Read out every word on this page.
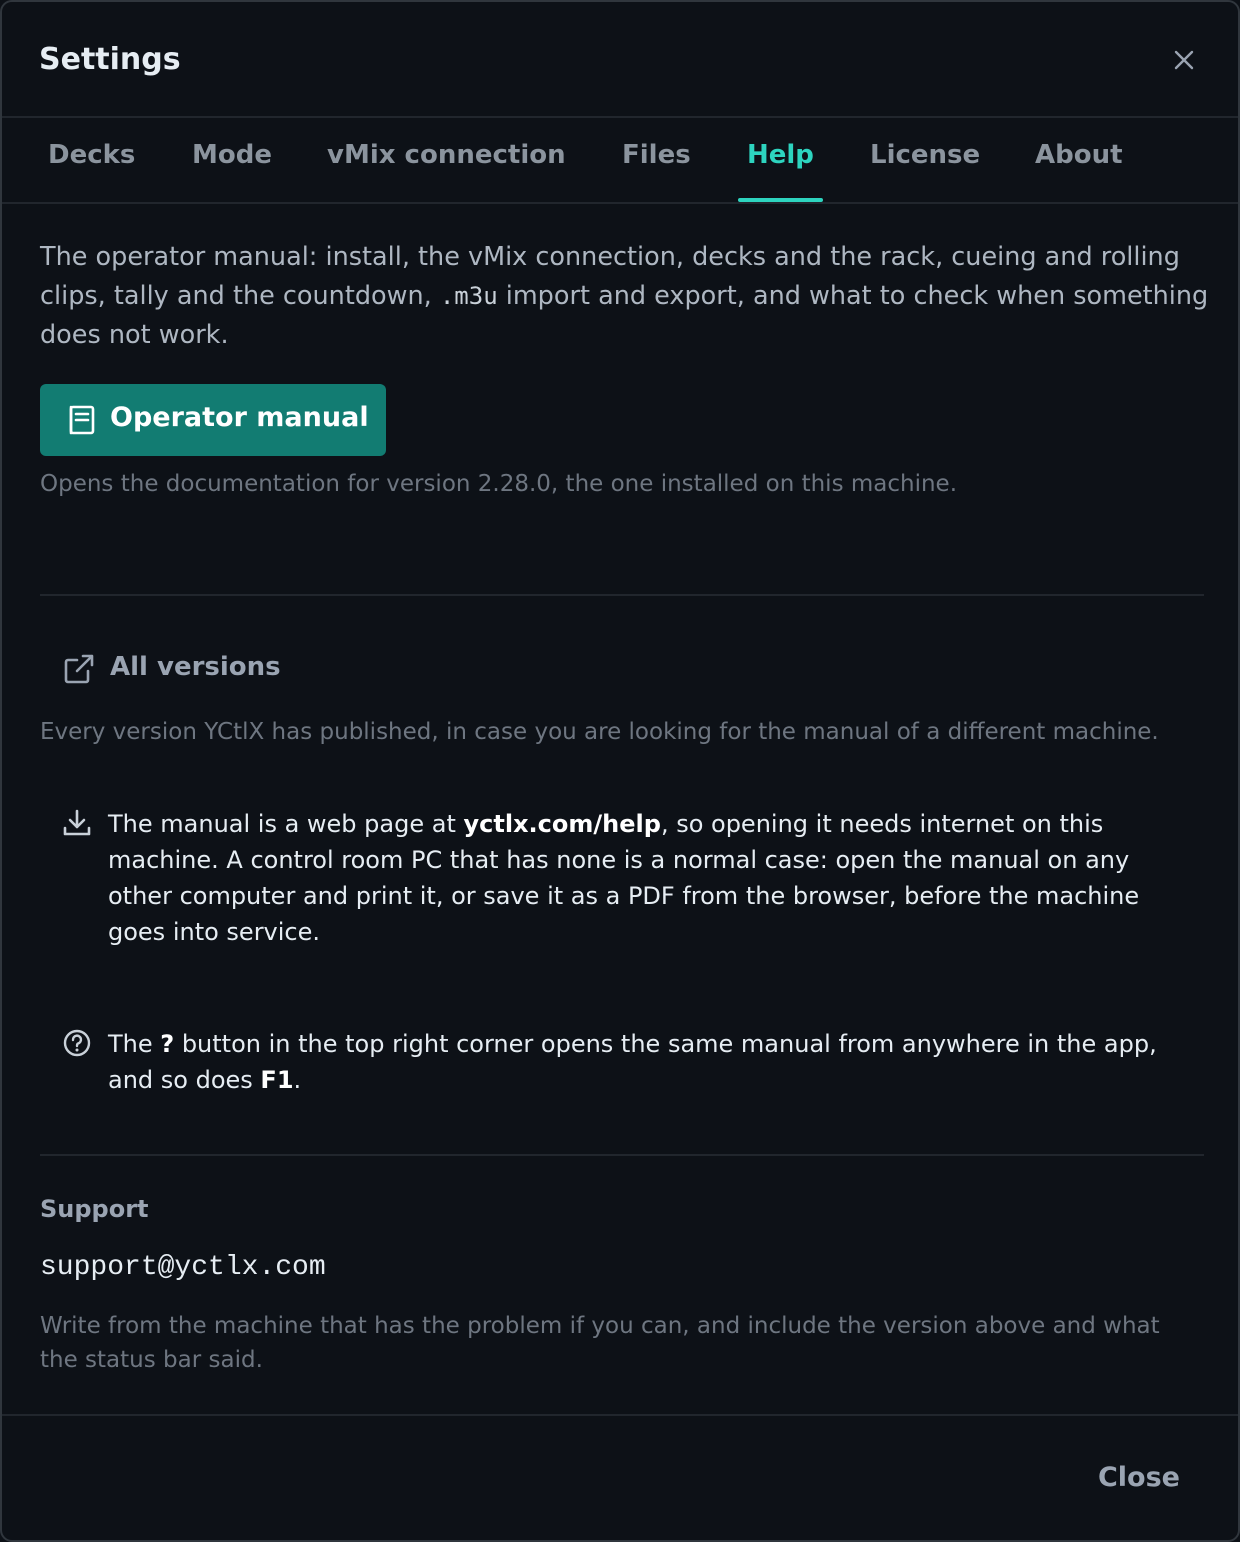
Settings
Decks Mode vMix connection Files Help License About

The operator manual: install, the vMix connection, decks and the rack, cueing and rolling clips, tally and the countdown, .m3u import and export, and what to check when something does not work.

Operator manual
Opens the documentation for version 2.28.0, the one installed on this machine.
All versions
Every version YCtlX has published, in case you are looking for the manual of a different machine.

The manual is a web page at yctlx.com/help, so opening it needs internet on this machine. A control room PC that has none is a normal case: open the manual on any other computer and print it, or save it as a PDF from the browser, before the machine goes into service.

The ? button in the top right corner opens the same manual from anywhere in the app, and so does F1.

Support
support@yctlx.com
Write from the machine that has the problem if you can, and include the version above and what the status bar said.
Close
